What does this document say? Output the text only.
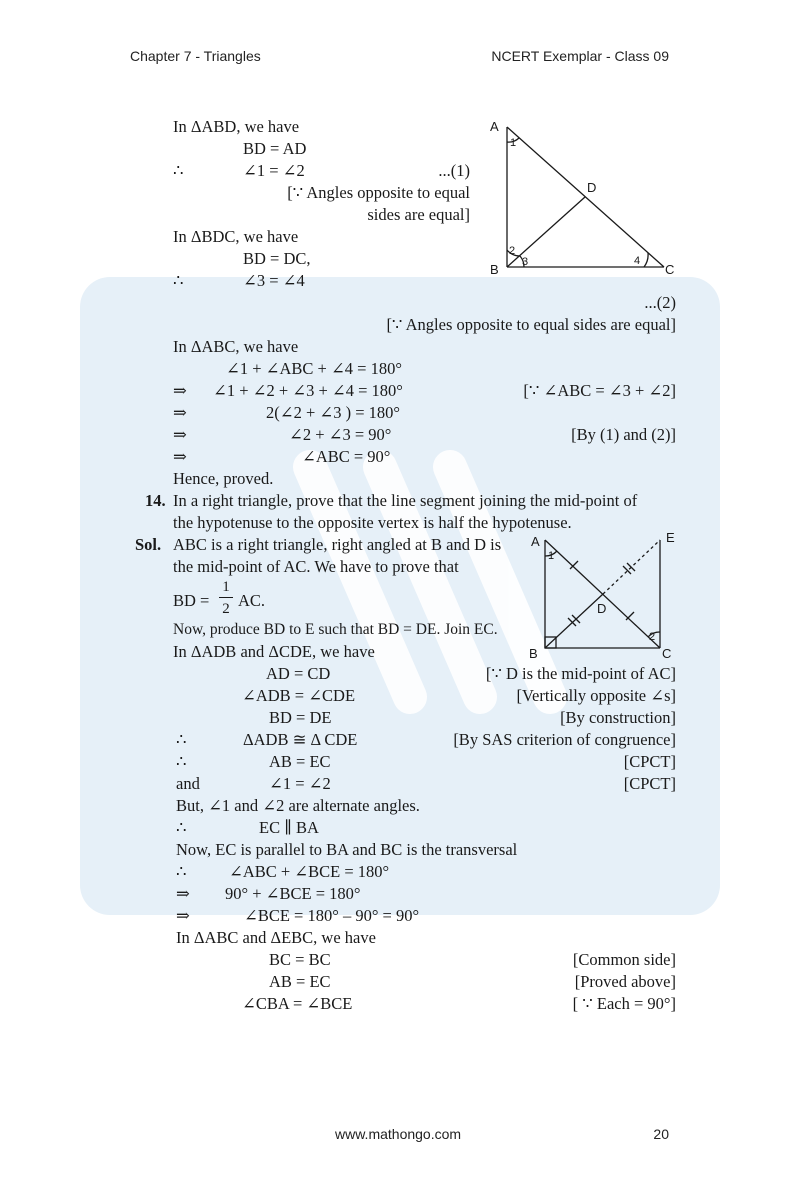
Chapter 7 - Triangles	NCERT Exemplar - Class 09
A
B	C
D
1
2
3	4
In ΔABD, we have
BD = AD
∴	∠1 = ∠2	...(1)
[∵ Angles opposite to equal
sides are equal]
In ΔBDC, we have
BD = DC,
∴	∠3 = ∠4
...(2)
[∵ Angles opposite to equal sides are equal]
In ΔABC, we have
∠1 + ∠ABC + ∠4 = 180°
⇒ ∠1 + ∠2 + ∠3 + ∠4 = 180°	[∵ ∠ABC = ∠3 + ∠2]
⇒	2(∠2 + ∠3 ) = 180°
⇒	∠2 + ∠3 = 90°	[By (1) and (2)]
⇒	∠ABC = 90°
Hence, proved.
14. In a right triangle, prove that the line segment joining the mid-point of
the hypotenuse to the opposite vertex is half the hypotenuse.
Sol. ABC is a right triangle, right angled at B and D is
the mid-point of AC. We have to prove that
BD =
1
2 AC.
Now, produce BD to E such that BD = DE. Join EC.
In ΔADB and ΔCDE, we have
A
B	C
D
E
1
2
AD = CD	[∵ D is the mid-point of AC]
∠ADB = ∠CDE	[Vertically opposite ∠s]
BD = DE	[By construction]
∴	ΔADB ≅ Δ CDE	[By SAS criterion of congruence]
∴	AB = EC	[CPCT]
and	∠1 = ∠2	[CPCT]
But, ∠1 and ∠2 are alternate angles.
∴	EC ∥ BA
Now, EC is parallel to BA and BC is the transversal
∴	∠ABC + ∠BCE = 180°
⇒ 90° + ∠BCE = 180°
⇒	∠BCE = 180° – 90° = 90°
In ΔABC and ΔEBC, we have
BC = BC	[Common side]
AB = EC	[Proved above]
∠CBA = ∠BCE	[ ∵ Each = 90°]
www.mathongo.com	20
